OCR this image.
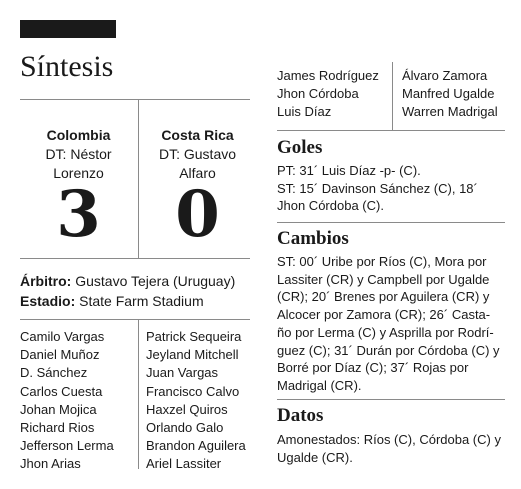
Síntesis
Colombia
DT: Néstor
Lorenzo
3
Costa Rica
DT: Gustavo
Alfaro
0
Árbitro: Gustavo Tejera (Uruguay)
Estadio: State Farm Stadium
Camilo Vargas
Daniel Muñoz
D. Sánchez
Carlos Cuesta
Johan Mojica
Richard Rios
Jefferson Lerma
Jhon Arias
Patrick Sequeira
Jeyland Mitchell
Juan Vargas
Francisco Calvo
Haxzel Quiros
Orlando Galo
Brandon Aguilera
Ariel Lassiter
James Rodríguez
Jhon Córdoba
Luis Díaz
Álvaro Zamora
Manfred Ugalde
Warren Madrigal
Goles
PT: 31´ Luis Díaz -p- (C).
ST: 15´ Davinson Sánchez (C), 18´
Jhon Córdoba (C).
Cambios
ST: 00´ Uribe por Ríos (C), Mora por
Lassiter (CR) y Campbell por Ugalde
(CR); 20´ Brenes por Aguilera (CR) y
Alcocer por Zamora (CR); 26´ Casta-
ño por Lerma (C) y Asprilla por Rodrí-
guez (C); 31´ Durán por Córdoba (C) y
Borré por Díaz (C); 37´ Rojas por
Madrigal (CR).
Datos
Amonestados: Ríos (C), Córdoba (C) y
Ugalde (CR).
